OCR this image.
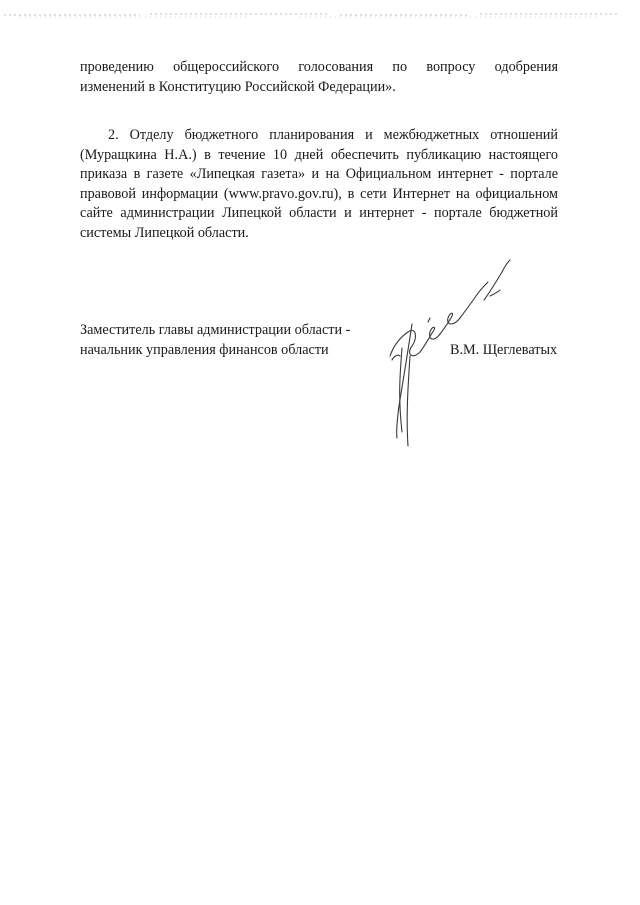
проведению общероссийского голосования по вопросу одобрения
изменений в Конституцию Российской Федерации».
2. Отделу бюджетного планирования и межбюджетных отношений
(Муращкина Н.А.) в течение 10 дней обеспечить публикацию настоящего
приказа в газете «Липецкая газета» и на Официальном интернет - портале
правовой информации (www.pravo.gov.ru), в сети Интернет на официальном
сайте администрации Липецкой области и интернет - портале бюджетной
системы Липецкой области.
Заместитель главы администрации области -
начальник управления финансов области	В.М. Щеглеватых
